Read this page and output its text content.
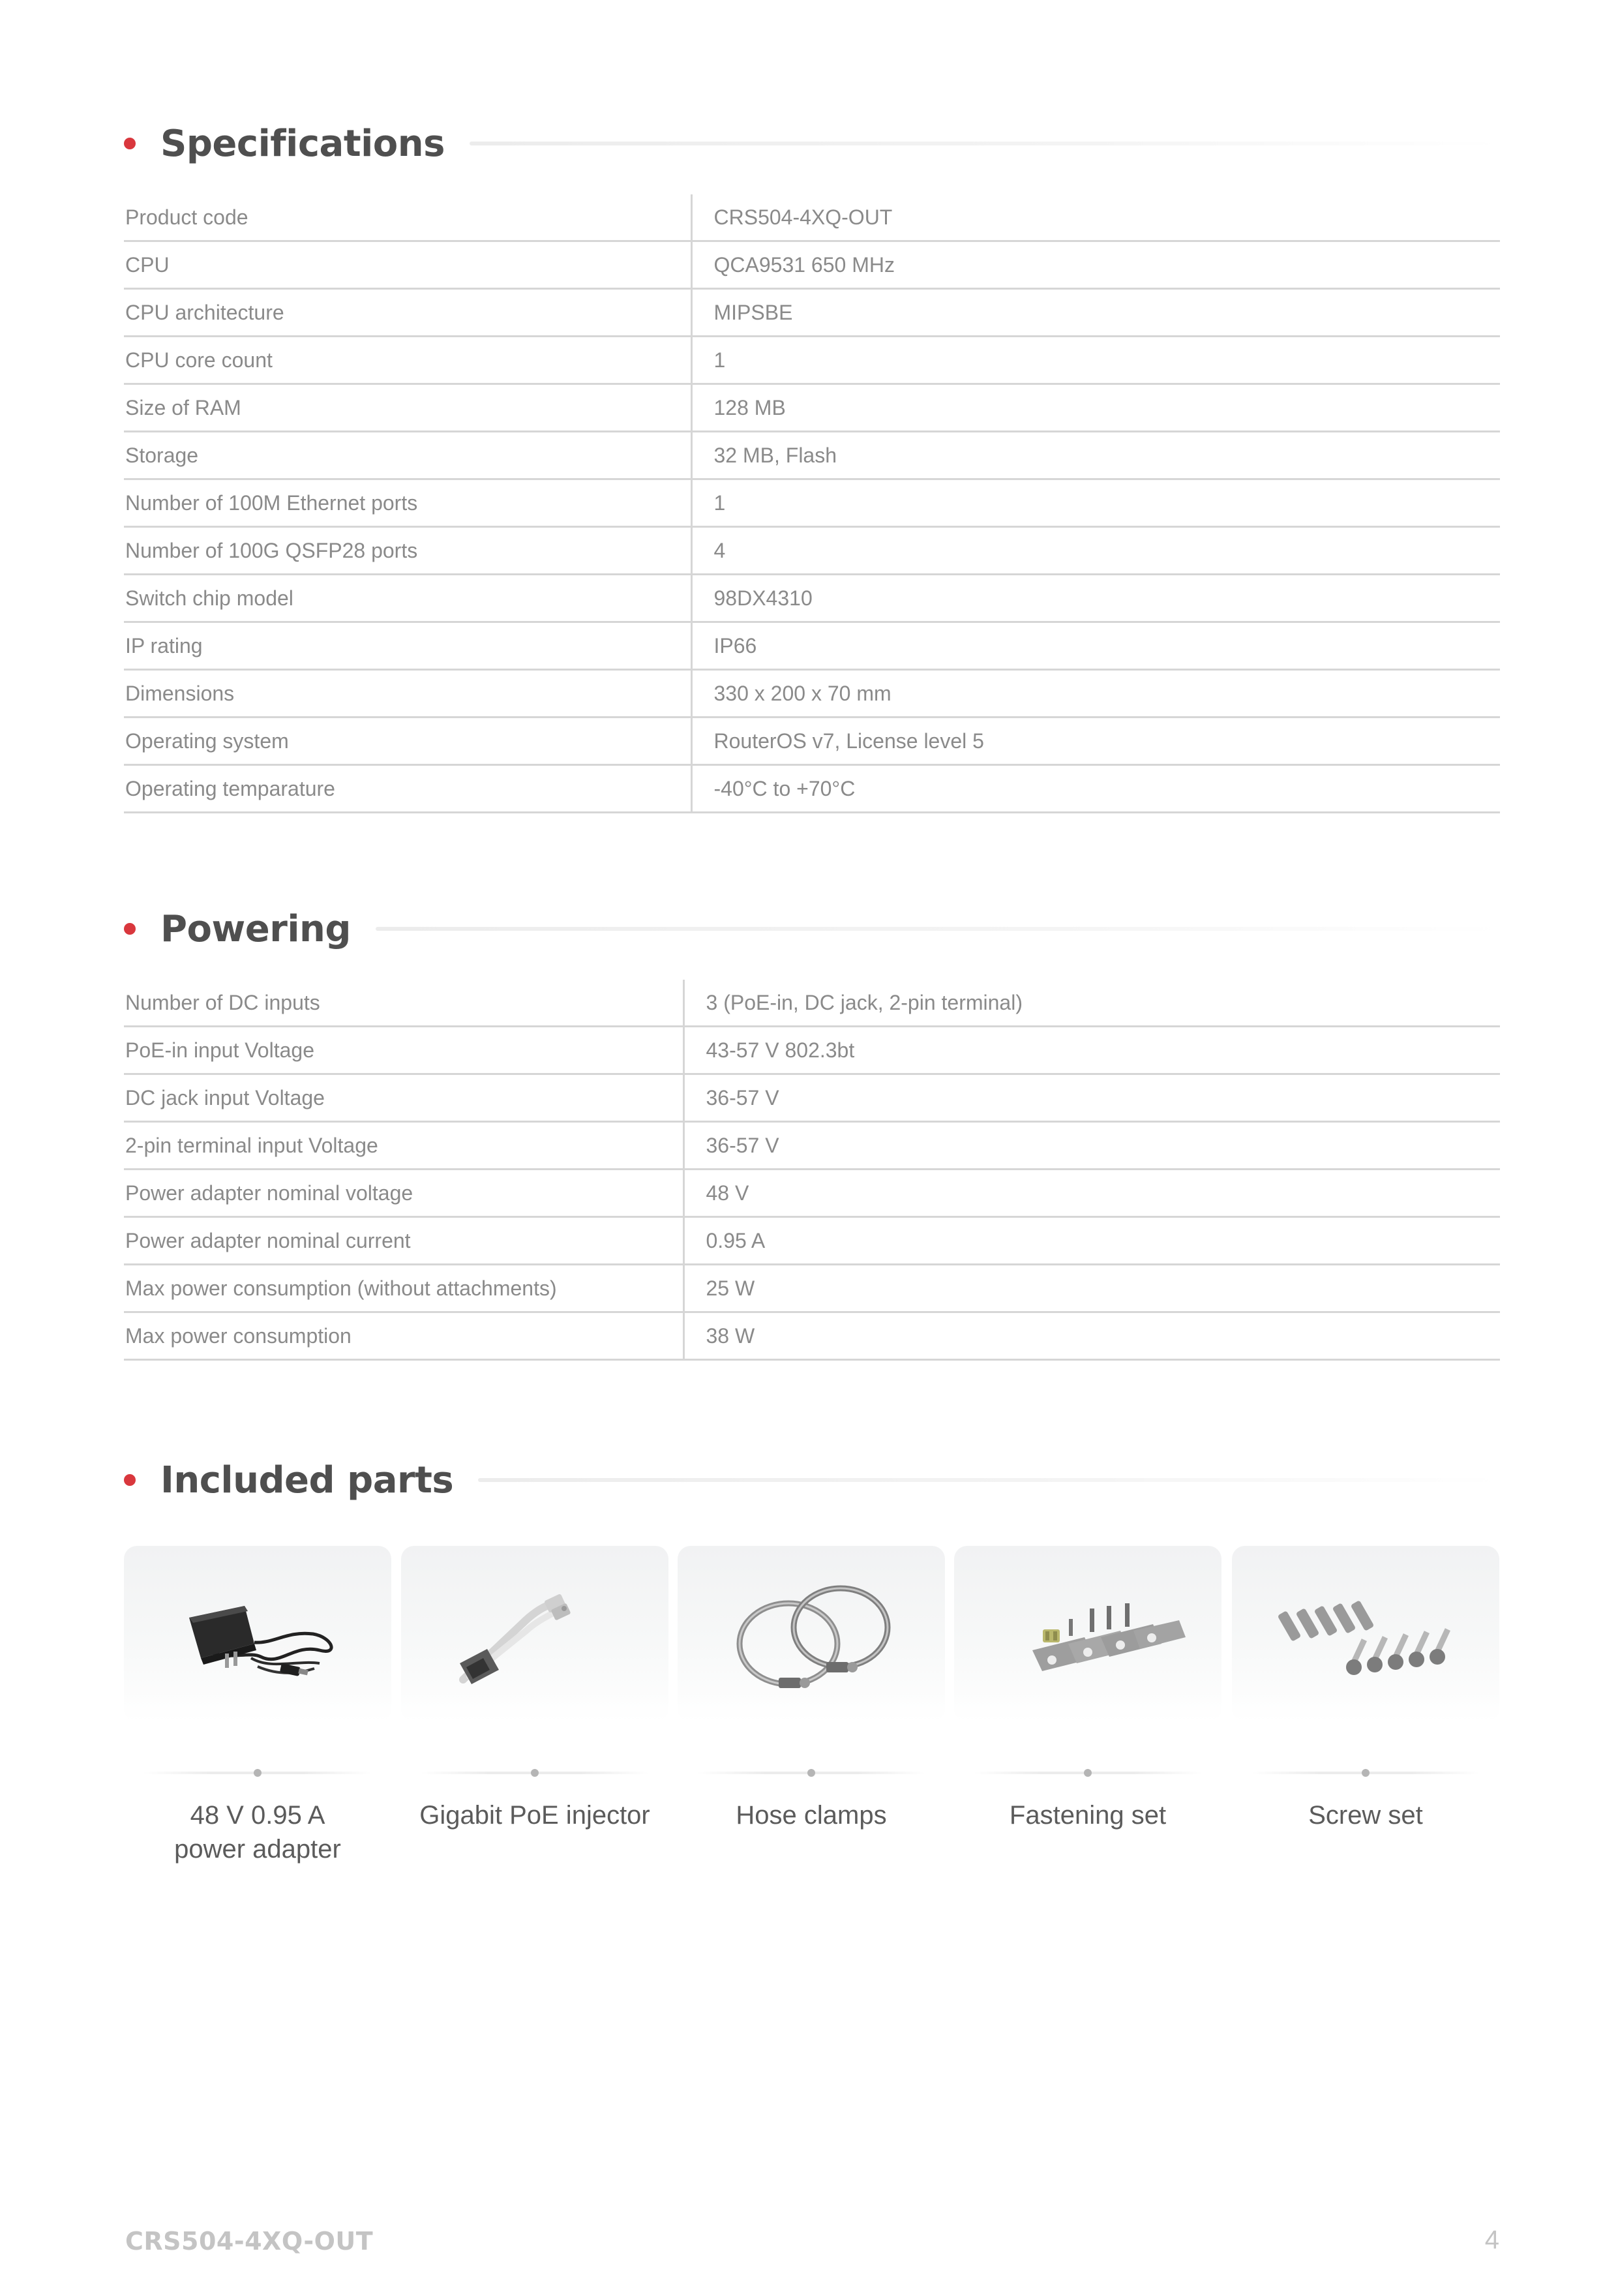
Specifications
Product code	CRS504-4XQ-OUT
CPU	QCA9531 650 MHz
CPU architecture	MIPSBE
CPU core count	1
Size of RAM	128 MB
Storage	32 MB, Flash
Number of 100M Ethernet ports	1
Number of 100G QSFP28 ports	4
Switch chip model	98DX4310
IP rating	IP66
Dimensions	330 x 200 x 70 mm
Operating system	RouterOS v7, License level 5
Operating temparature	-40°C to +70°C
Powering
Number of DC inputs	3 (PoE-in, DC jack, 2-pin terminal)
PoE-in input Voltage	43-57 V 802.3bt
DC jack input Voltage	36-57 V
2-pin terminal input Voltage	36-57 V
Power adapter nominal voltage	48 V
Power adapter nominal current	0.95 A
Max power consumption (without attachments)	25 W
Max power consumption	38 W
Included parts
48 V 0.95 A
power adapter
Gigabit PoE injector	Hose clamps	Fastening set	Screw set
CRS504-4XQ-OUT	4
